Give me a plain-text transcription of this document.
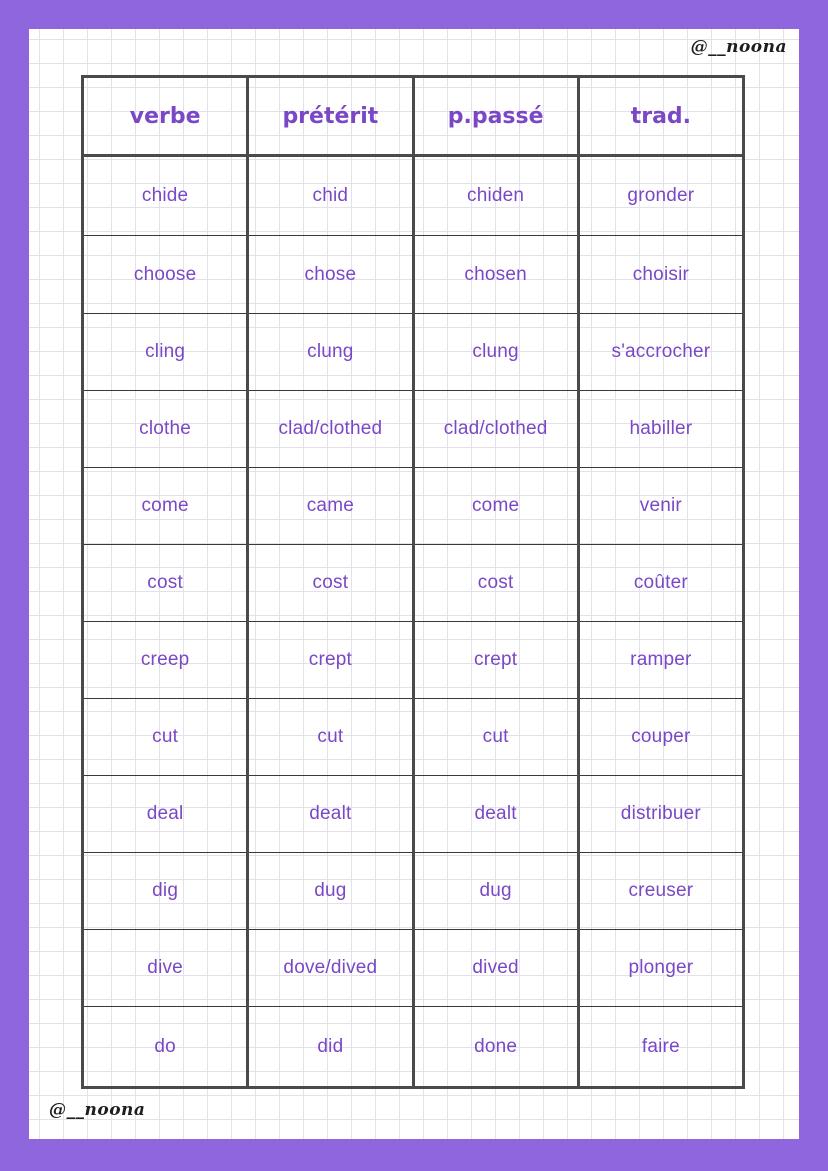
@__noona
@__noona
verbe	prétérit	p.passé	trad.
chide	chid	chiden	gronder
choose	chose	chosen	choisir
cling	clung	clung	s'accrocher
clothe	clad/clothed	clad/clothed	habiller
come	came	come	venir
cost	cost	cost	coûter
creep	crept	crept	ramper
cut	cut	cut	couper
deal	dealt	dealt	distribuer
dig	dug	dug	creuser
dive	dove/dived	dived	plonger
do	did	done	faire
